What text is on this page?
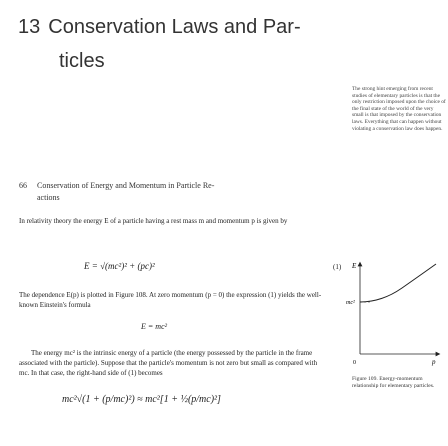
13 Conservation Laws and Par-
ticles
The strong hint emerging from recent studies of elementary particles is that the only restriction imposed upon the choice of the final state of the world of the very small is that imposed by the conservation laws. Everything that can happen without violating a conservation law does happen.
66 Conservation of Energy and Momentum in Particle Re-
actions
In relativity theory the energy E of a particle having a rest mass m and momentum p is given by
E = √(mc²)² + (pc)²	(1)
The dependence E(p) is plotted in Figure 108. At zero momentum (p = 0) the expression (1) yields the well-known Einstein's formula
E = mc²
The energy mc² is the intrinsic energy of a particle (the energy possessed by the particle in the frame associated with the particle). Suppose that the particle's momentum is not zero but small as compared with mc. In that case, the right-hand side of (1) becomes
mc²√(1 + (p/mc)²) ≈ mc²[1 + ½(p/mc)²]
E
mc²
p
0
Figure 109. Energy-momentum relationship for elementary particles.
